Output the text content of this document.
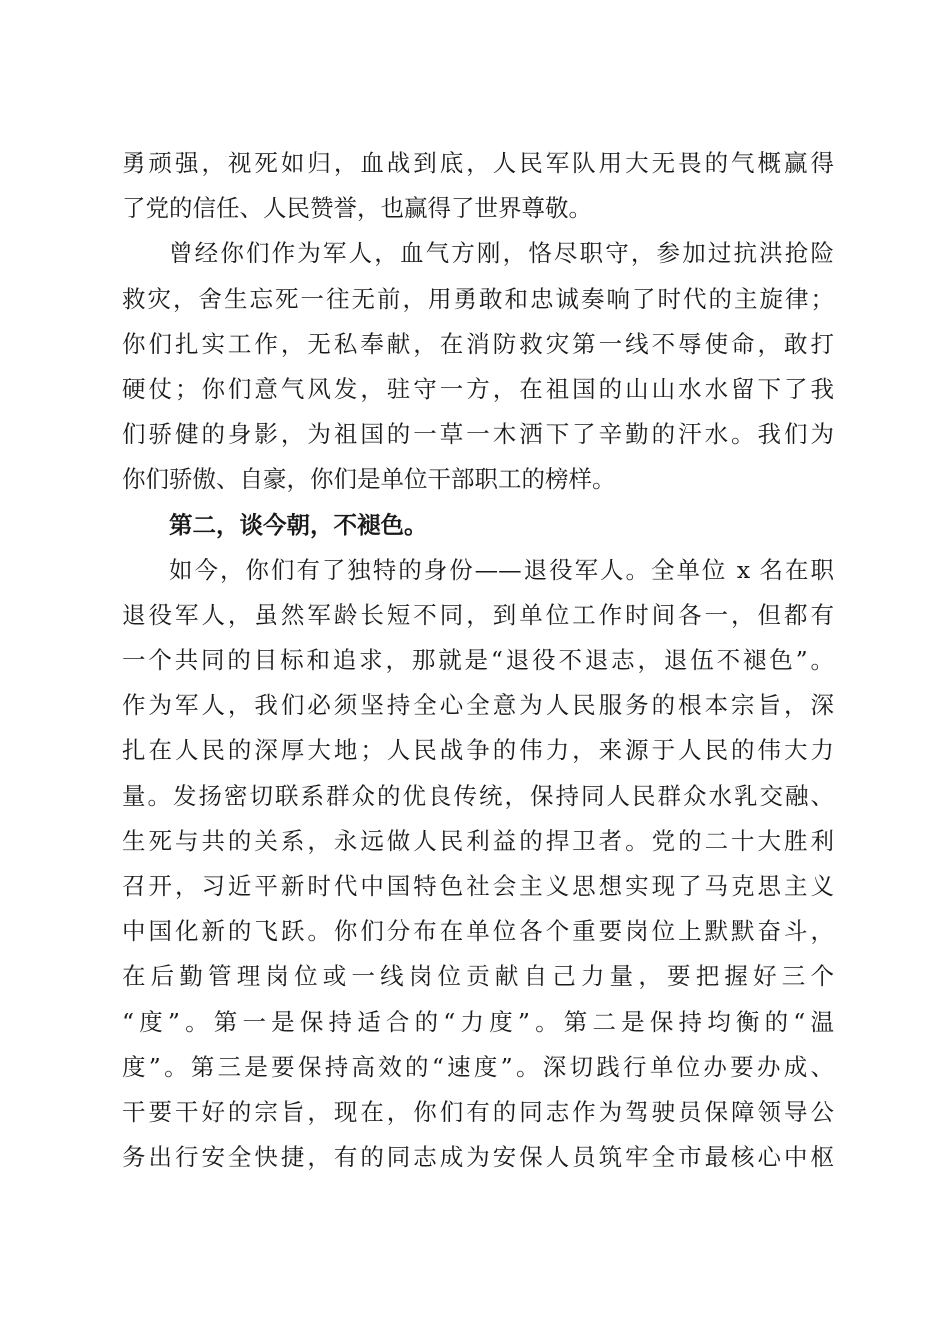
勇顽强，视死如归，血战到底，人民军队用大无畏的气概赢得
了党的信任、人民赞誉，也赢得了世界尊敬。
曾经你们作为军人，血气方刚，恪尽职守，参加过抗洪抢险
救灾，舍生忘死一往无前，用勇敢和忠诚奏响了时代的主旋律；
你们扎实工作，无私奉献，在消防救灾第一线不辱使命，敢打
硬仗；你们意气风发，驻守一方，在祖国的山山水水留下了我
们骄健的身影，为祖国的一草一木洒下了辛勤的汗水。我们为
你们骄傲、自豪，你们是单位干部职工的榜样。
第二，谈今朝，不褪色。
如今，你们有了独特的身份——退役军人。全单位 x 名在职
退役军人，虽然军龄长短不同，到单位工作时间各一，但都有
一个共同的目标和追求，那就是“退役不退志，退伍不褪色”。
作为军人，我们必须坚持全心全意为人民服务的根本宗旨，深
扎在人民的深厚大地；人民战争的伟力，来源于人民的伟大力
量。发扬密切联系群众的优良传统，保持同人民群众水乳交融、
生死与共的关系，永远做人民利益的捍卫者。党的二十大胜利
召开，习近平新时代中国特色社会主义思想实现了马克思主义
中国化新的飞跃。你们分布在单位各个重要岗位上默默奋斗，
在后勤管理岗位或一线岗位贡献自己力量，要把握好三个
“度”。第一是保持适合的“力度”。第二是保持均衡的“温
度”。第三是要保持高效的“速度”。深切践行单位办要办成、
干要干好的宗旨，现在，你们有的同志作为驾驶员保障领导公
务出行安全快捷，有的同志成为安保人员筑牢全市最核心中枢
